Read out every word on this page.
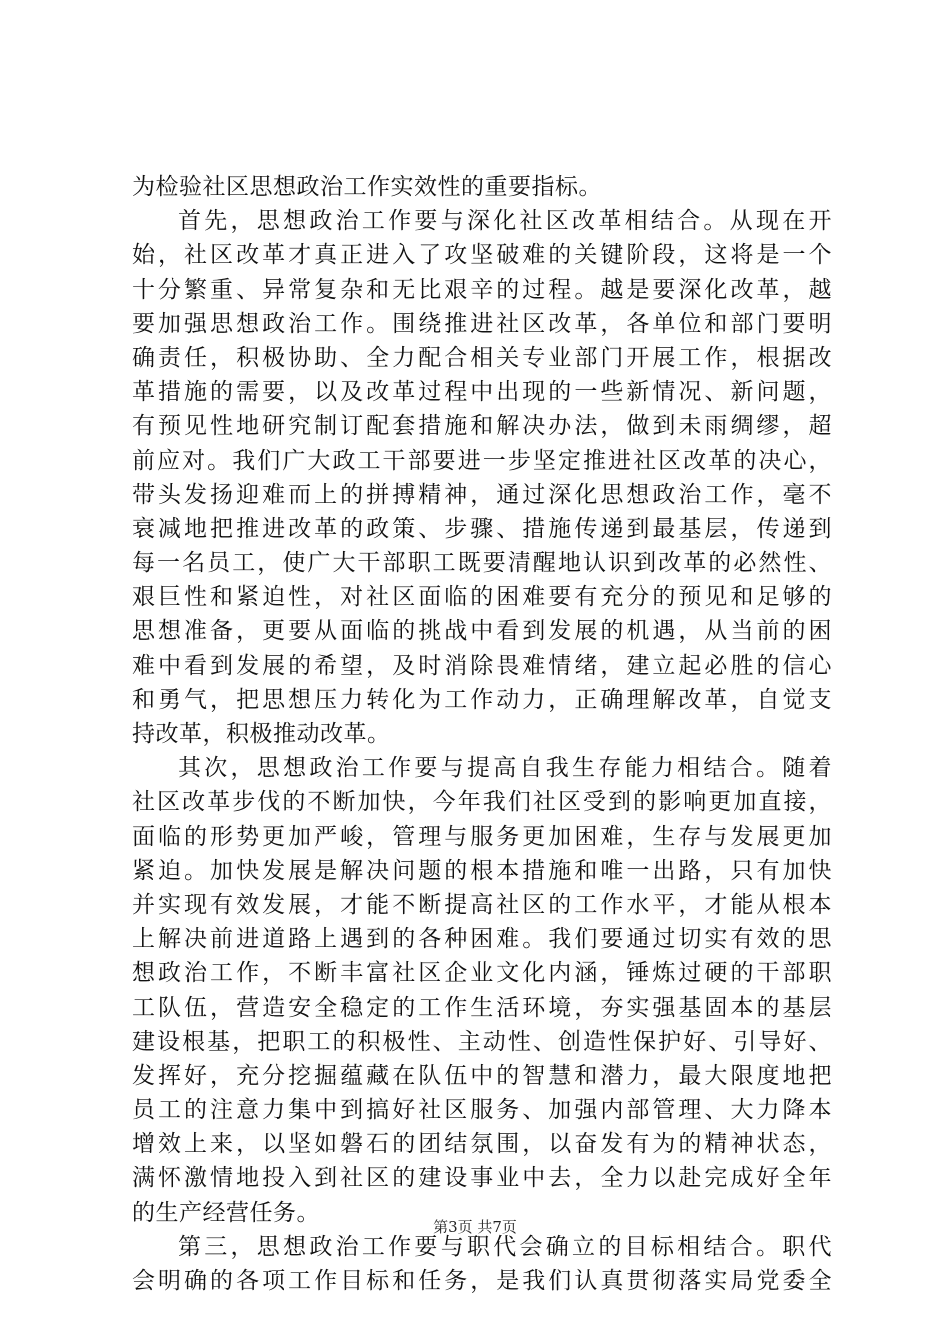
为检验社区思想政治工作实效性的重要指标。
首先，思想政治工作要与深化社区改革相结合。从现在开
始，社区改革才真正进入了攻坚破难的关键阶段，这将是一个
十分繁重、异常复杂和无比艰辛的过程。越是要深化改革，越
要加强思想政治工作。围绕推进社区改革，各单位和部门要明
确责任，积极协助、全力配合相关专业部门开展工作，根据改
革措施的需要，以及改革过程中出现的一些新情况、新问题，
有预见性地研究制订配套措施和解决办法，做到未雨绸缪，超
前应对。我们广大政工干部要进一步坚定推进社区改革的决心，
带头发扬迎难而上的拼搏精神，通过深化思想政治工作，毫不
衰减地把推进改革的政策、步骤、措施传递到最基层，传递到
每一名员工，使广大干部职工既要清醒地认识到改革的必然性、
艰巨性和紧迫性，对社区面临的困难要有充分的预见和足够的
思想准备，更要从面临的挑战中看到发展的机遇，从当前的困
难中看到发展的希望，及时消除畏难情绪，建立起必胜的信心
和勇气，把思想压力转化为工作动力，正确理解改革，自觉支
持改革，积极推动改革。
其次，思想政治工作要与提高自我生存能力相结合。随着
社区改革步伐的不断加快，今年我们社区受到的影响更加直接，
面临的形势更加严峻，管理与服务更加困难，生存与发展更加
紧迫。加快发展是解决问题的根本措施和唯一出路，只有加快
并实现有效发展，才能不断提高社区的工作水平，才能从根本
上解决前进道路上遇到的各种困难。我们要通过切实有效的思
想政治工作，不断丰富社区企业文化内涵，锤炼过硬的干部职
工队伍，营造安全稳定的工作生活环境，夯实强基固本的基层
建设根基，把职工的积极性、主动性、创造性保护好、引导好、
发挥好，充分挖掘蕴藏在队伍中的智慧和潜力，最大限度地把
员工的注意力集中到搞好社区服务、加强内部管理、大力降本
增效上来，以坚如磐石的团结氛围，以奋发有为的精神状态，
满怀激情地投入到社区的建设事业中去，全力以赴完成好全年
的生产经营任务。
第三，思想政治工作要与职代会确立的目标相结合。职代
会明确的各项工作目标和任务，是我们认真贯彻落实局党委全
第3页 共7页
